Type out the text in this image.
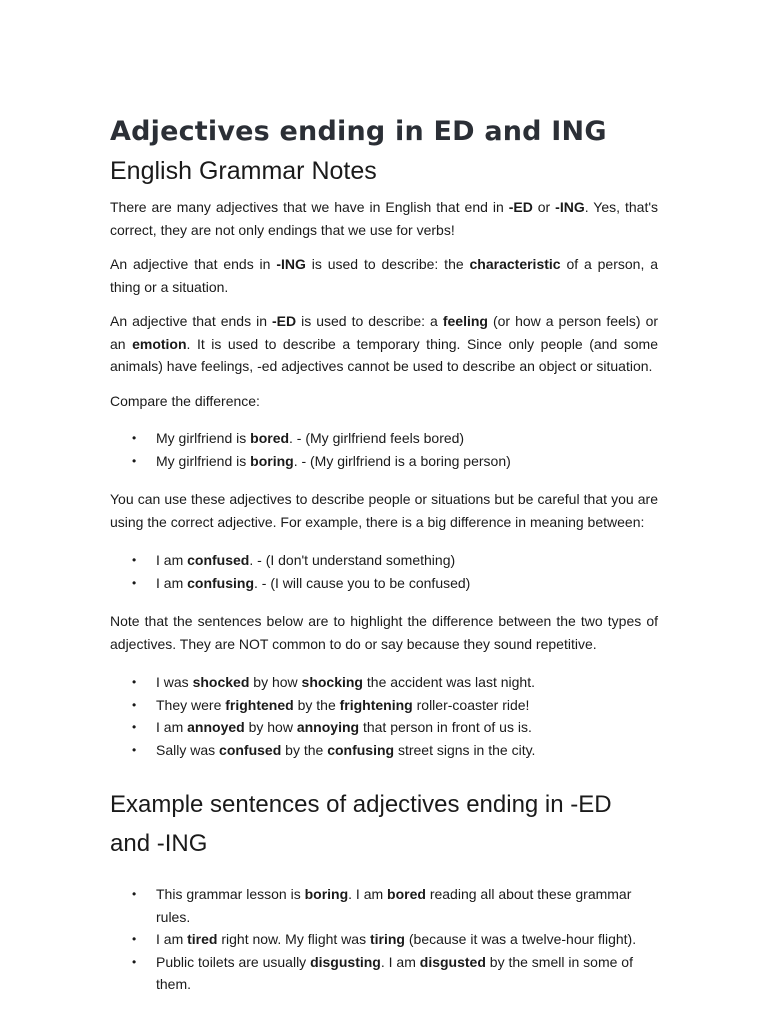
Adjectives ending in ED and ING
English Grammar Notes

There are many adjectives that we have in English that end in -ED or -ING. Yes, that's correct, they are not only endings that we use for verbs!

An adjective that ends in -ING is used to describe: the characteristic of a person, a thing or a situation.

An adjective that ends in -ED is used to describe: a feeling (or how a person feels) or an emotion. It is used to describe a temporary thing. Since only people (and some animals) have feelings, -ed adjectives cannot be used to describe an object or situation.

Compare the difference:

• My girlfriend is bored. - (My girlfriend feels bored)
• My girlfriend is boring. - (My girlfriend is a boring person)

You can use these adjectives to describe people or situations but be careful that you are using the correct adjective. For example, there is a big difference in meaning between:

• I am confused. - (I don't understand something)
• I am confusing. - (I will cause you to be confused)

Note that the sentences below are to highlight the difference between the two types of adjectives. They are NOT common to do or say because they sound repetitive.

• I was shocked by how shocking the accident was last night.
• They were frightened by the frightening roller-coaster ride!
• I am annoyed by how annoying that person in front of us is.
• Sally was confused by the confusing street signs in the city.
Example sentences of adjectives ending in -ED and -ING
• This grammar lesson is boring. I am bored reading all about these grammar rules.
• I am tired right now. My flight was tiring (because it was a twelve-hour flight).
• Public toilets are usually disgusting. I am disgusted by the smell in some of them.
